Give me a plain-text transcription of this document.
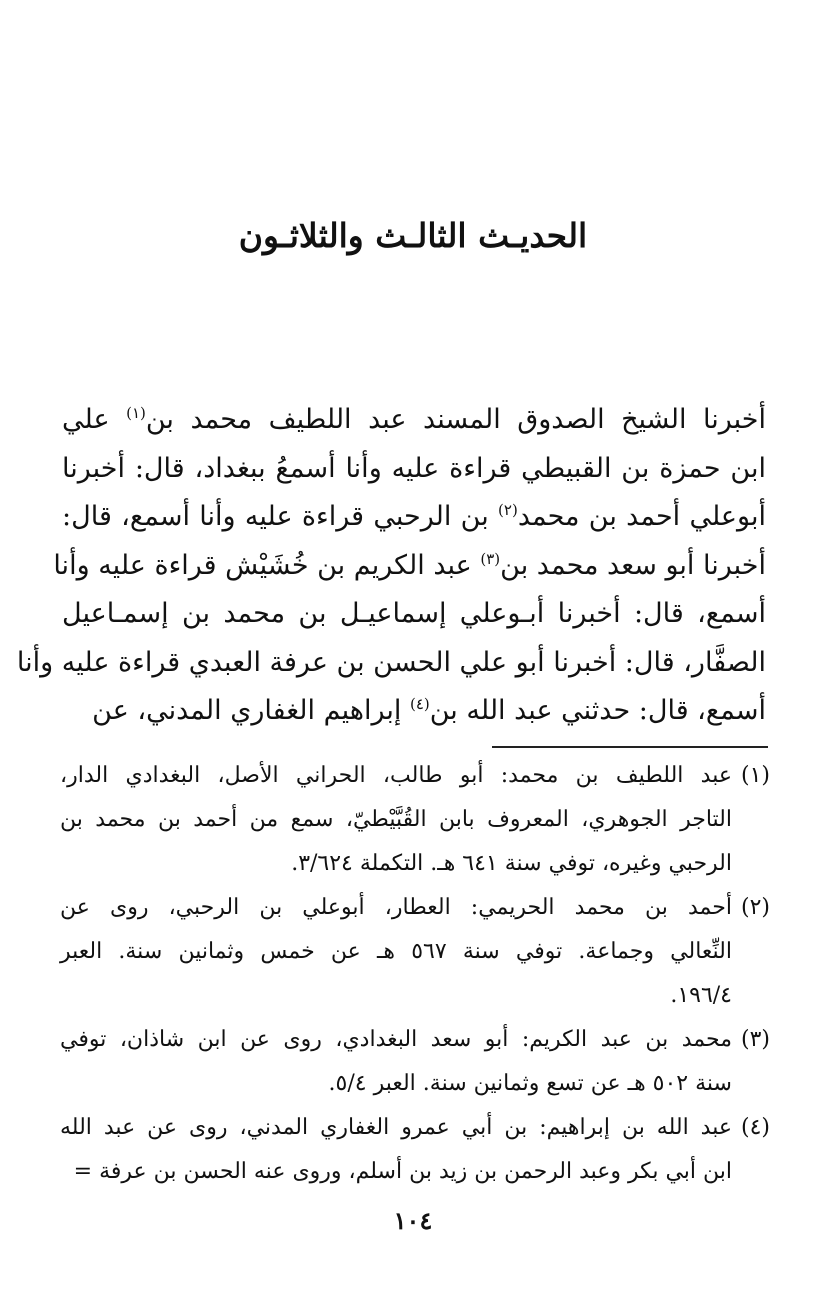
الحديـث الثالـث والثلاثـون
أخبرنا الشيخ الصدوق المسند عبد اللطيف محمد بن$^{(١)}$ علي
ابن حمزة بن القبيطي قراءة عليه وأنا أسمعُ ببغداد، قال: أخبرنا
أبوعلي أحمد بن محمد$^{(٢)}$ بن الرحبي قراءة عليه وأنا أسمع، قال:
أخبرنا أبو سعد محمد بن$^{(٣)}$ عبد الكريم بن خُشَيْش قراءة عليه وأنا
أسمع، قال: أخبرنا أبـوعلي إسماعيـل بن محمد بن إسمـاعيل
الصفَّار، قال: أخبرنا أبو علي الحسن بن عرفة العبدي قراءة عليه وأنا
أسمع، قال: حدثني عبد الله بن$^{(٤)}$ إبراهيم الغفاري المدني، عن
(١)
عبد اللطيف بن محمد: أبو طالب، الحراني الأصل، البغدادي الدار،
التاجر الجوهري، المعروف بابن القُبَّيْطيّ، سمع من أحمد بن محمد بن
الرحبي وغيره، توفي سنة ٦٤١ هـ. التكملة ٣/٦٢٤.
(٢)
أحمد بن محمد الحريمي: العطار، أبوعلي بن الرحبي، روى عن
النِّعالي وجماعة. توفي سنة ٥٦٧ هـ عن خمس وثمانين سنة. العبر
١٩٦/٤.
(٣)
محمد بن عبد الكريم: أبو سعد البغدادي، روى عن ابن شاذان، توفي
سنة ٥٠٢ هـ عن تسع وثمانين سنة. العبر ٥/٤.
(٤)
عبد الله بن إبراهيم: بن أبي عمرو الغفاري المدني، روى عن عبد الله
ابن أبي بكر وعبد الرحمن بن زيد بن أسلم، وروى عنه الحسن بن عرفة =
١٠٤
